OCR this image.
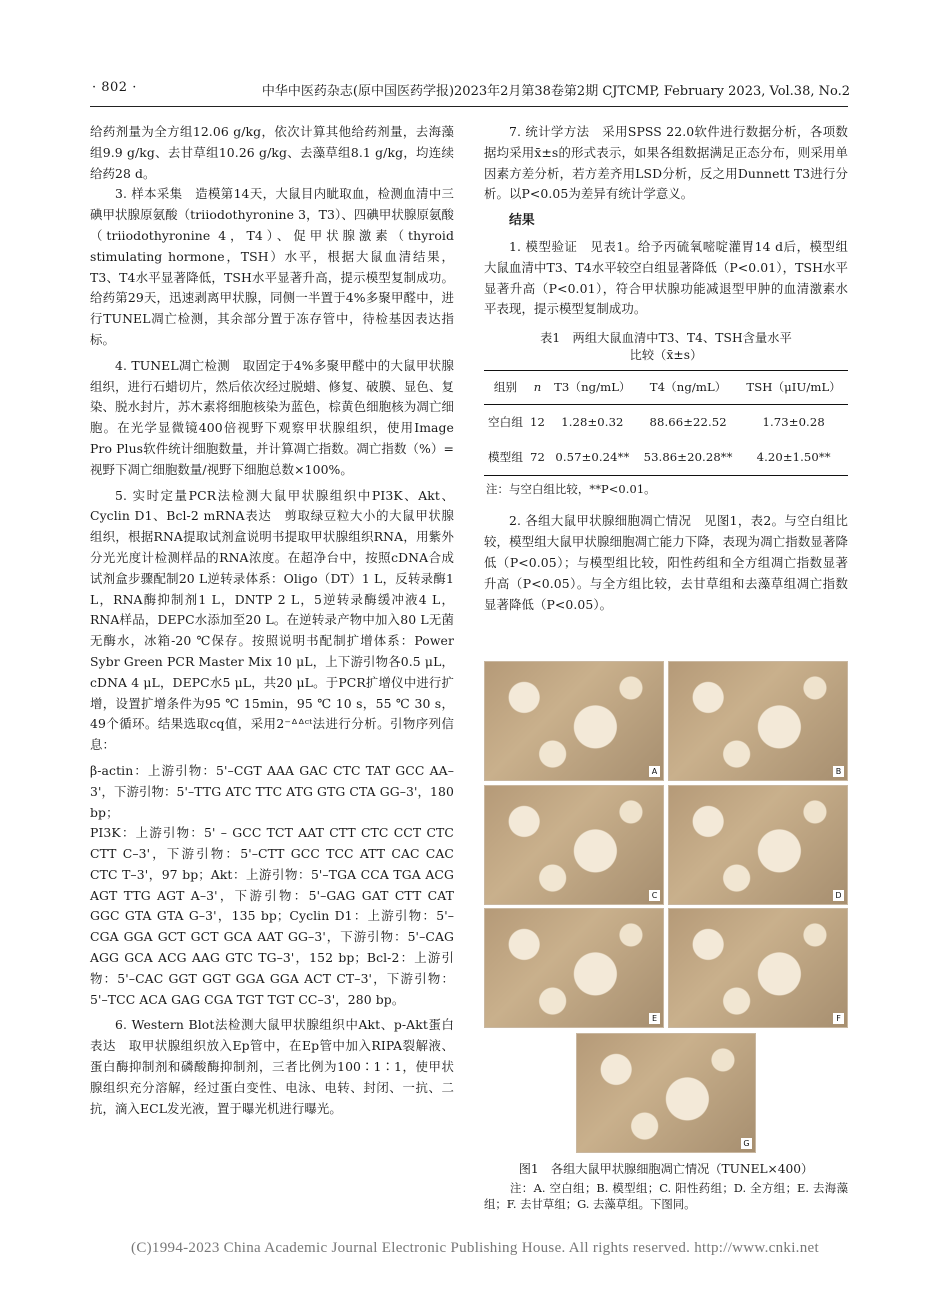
· 802 ·	中华中医药杂志(原中国医药学报)2023年2月第38卷第2期 CJTCMP, February 2023, Vol.38, No.2

给药剂量为全方组12.06 g/kg，依次计算其他给药剂量，去海藻组9.9 g/kg、去甘草组10.26 g/kg、去藻草组8.1 g/kg，均连续给药28 d。

3. 样本采集　造模第14天，大鼠目内眦取血，检测血清中三碘甲状腺原氨酸（triiodothyronine 3，T3）、四碘甲状腺原氨酸（triiodothyronine 4，T4）、促甲状腺激素（thyroid stimulating hormone，TSH）水平，根据大鼠血清结果，T3、T4水平显著降低，TSH水平显著升高，提示模型复制成功。给药第29天，迅速剥离甲状腺，同侧一半置于4%多聚甲醛中，进行TUNEL凋亡检测，其余部分置于冻存管中，待检基因表达指标。

4. TUNEL凋亡检测　取固定于4%多聚甲醛中的大鼠甲状腺组织，进行石蜡切片，然后依次经过脱蜡、修复、破膜、显色、复染、脱水封片，苏木素将细胞核染为蓝色，棕黄色细胞核为凋亡细胞。在光学显微镜400倍视野下观察甲状腺组织，使用Image Pro Plus软件统计细胞数量，并计算凋亡指数。凋亡指数（%）=视野下凋亡细胞数量/视野下细胞总数×100%。

5. 实时定量PCR法检测大鼠甲状腺组织中PI3K、Akt、Cyclin D1、Bcl-2 mRNA表达　剪取绿豆粒大小的大鼠甲状腺组织，根据RNA提取试剂盒说明书提取甲状腺组织RNA，用紫外分光光度计检测样品的RNA浓度。在超净台中，按照cDNA合成试剂盒步骤配制20 L逆转录体系：Oligo（DT）1 L，反转录酶1 L，RNA酶抑制剂1 L，DNTP 2 L，5逆转录酶缓冲液4 L，RNA样品，DEPC水添加至20 L。在逆转录产物中加入80 L无菌无酶水，冰箱-20 ℃保存。按照说明书配制扩增体系：Power Sybr Green PCR Master Mix 10 μL，上下游引物各0.5 μL，cDNA 4 μL，DEPC水5 μL，共20 μL。于PCR扩增仪中进行扩增，设置扩增条件为95 ℃ 15min，95 ℃ 10 s，55 ℃ 30 s，49个循环。结果选取cq值，采用2⁻ᐞᐞᶜᵗ法进行分析。引物序列信息：

β-actin：上游引物：5'–CGT AAA GAC CTC TAT GCC AA–3'，下游引物：5'–TTG ATC TTC ATG GTG CTA GG–3'，180 bp；

PI3K：上游引物：5' – GCC TCT AAT CTT CTC CCT CTC CTT C–3'，下游引物：5'–CTT GCC TCC ATT CAC CAC CTC T–3'，97 bp；Akt：上游引物：5'–TGA CCA TGA ACG AGT TTG AGT A–3'，下游引物：5'–GAG GAT CTT CAT GGC GTA GTA G–3'，135 bp；Cyclin D1：上游引物：5'–CGA GGA GCT GCT GCA AAT GG–3'，下游引物：5'–CAG AGG GCA ACG AAG GTC TG–3'，152 bp；Bcl-2：上游引物：5'–CAC GGT GGT GGA GGA ACT CT–3'，下游引物：5'–TCC ACA GAG CGA TGT TGT CC–3'，280 bp。

6. Western Blot法检测大鼠甲状腺组织中Akt、p-Akt蛋白表达　取甲状腺组织放入Ep管中，在Ep管中加入RIPA裂解液、蛋白酶抑制剂和磷酸酶抑制剂，三者比例为100∶1∶1，使甲状腺组织充分溶解，经过蛋白变性、电泳、电转、封闭、一抗、二抗，滴入ECL发光液，置于曝光机进行曝光。

7. 统计学方法　采用SPSS 22.0软件进行数据分析，各项数据均采用x̄±s的形式表示，如果各组数据满足正态分布，则采用单因素方差分析，若方差齐用LSD分析，反之用Dunnett T3进行分析。以P<0.05为差异有统计学意义。

结果

1. 模型验证　见表1。给予丙硫氧嘧啶灌胃14 d后，模型组大鼠血清中T3、T4水平较空白组显著降低（P<0.01），TSH水平显著升高（P<0.01），符合甲状腺功能减退型甲肿的血清激素水平表现，提示模型复制成功。

表1　两组大鼠血清中T3、T4、TSH含量水平
比较（x̄±s）
组别	n	T3（ng/mL）	T4（ng/mL）	TSH（μIU/mL）
空白组	12	1.28±0.32	88.66±22.52	1.73±0.28
模型组	72	0.57±0.24**	53.86±20.28**	4.20±1.50**
注：与空白组比较，**P<0.01。

2. 各组大鼠甲状腺细胞凋亡情况　见图1，表2。与空白组比较，模型组大鼠甲状腺细胞凋亡能力下降，表现为凋亡指数显著降低（P<0.05）；与模型组比较，阳性药组和全方组凋亡指数显著升高（P<0.05）。与全方组比较，去甘草组和去藻草组凋亡指数显著降低（P<0.05）。

A	B
C	D
E	F
G
图1　各组大鼠甲状腺细胞凋亡情况（TUNEL×400）
注：A. 空白组；B. 模型组；C. 阳性药组；D. 全方组；E. 去海藻组；F. 去甘草组；G. 去藻草组。下图同。
(C)1994-2023 China Academic Journal Electronic Publishing House. All rights reserved. http://www.cnki.net
